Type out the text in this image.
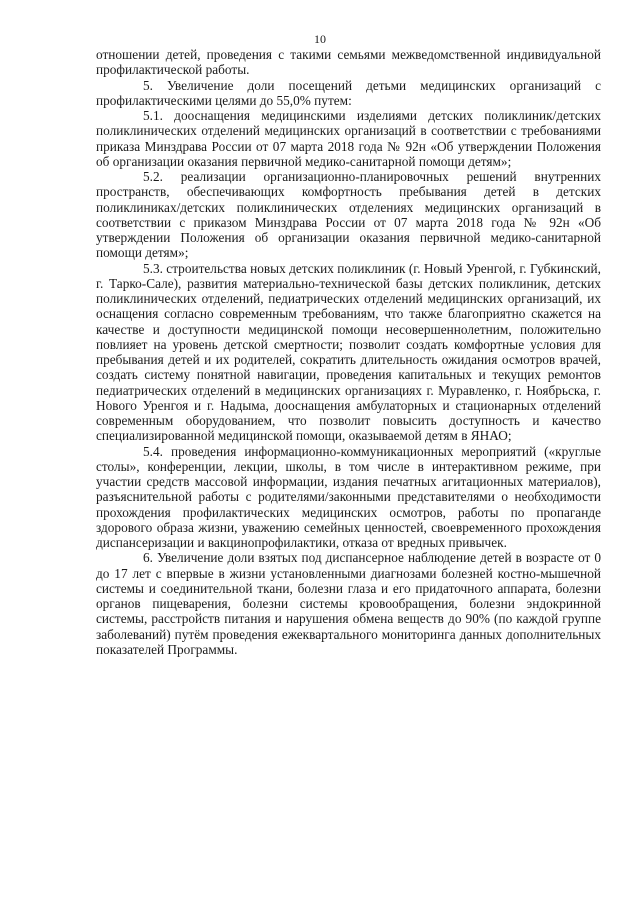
10

отношении детей, проведения с такими семьями межведомственной индивидуальной профилактической работы.

5. Увеличение доли посещений детьми медицинских организаций с профилактическими целями до 55,0% путем:

5.1. дооснащения медицинскими изделиями детских поликлиник/детских поликлинических отделений медицинских организаций в соответствии с требованиями приказа Минздрава России от 07 марта 2018 года № 92н «Об утверждении Положения об организации оказания первичной медико-санитарной помощи детям»;

5.2. реализации организационно-планировочных решений внутренних пространств, обеспечивающих комфортность пребывания детей в детских поликлиниках/детских поликлинических отделениях медицинских организаций в соответствии с приказом Минздрава России от 07 марта 2018 года № 92н «Об утверждении Положения об организации оказания первичной медико-санитарной помощи детям»;

5.3. строительства новых детских поликлиник (г. Новый Уренгой, г. Губкинский, г. Тарко-Сале), развития материально-технической базы детских поликлиник, детских поликлинических отделений, педиатрических отделений медицинских организаций, их оснащения согласно современным требованиям, что также благоприятно скажется на качестве и доступности медицинской помощи несовершеннолетним, положительно повлияет на уровень детской смертности; позволит создать комфортные условия для пребывания детей и их родителей, сократить длительность ожидания осмотров врачей, создать систему понятной навигации, проведения капитальных и текущих ремонтов педиатрических отделений в медицинских организациях г. Муравленко, г. Ноябрьска, г. Нового Уренгоя и г. Надыма, дооснащения амбулаторных и стационарных отделений современным оборудованием, что позволит повысить доступность и качество специализированной медицинской помощи, оказываемой детям в ЯНАО;

5.4. проведения информационно-коммуникационных мероприятий («круглые столы», конференции, лекции, школы, в том числе в интерактивном режиме, при участии средств массовой информации, издания печатных агитационных материалов), разъяснительной работы с родителями/законными представителями о необходимости прохождения профилактических медицинских осмотров, работы по пропаганде здорового образа жизни, уважению семейных ценностей, своевременного прохождения диспансеризации и вакцинопрофилактики, отказа от вредных привычек.

6. Увеличение доли взятых под диспансерное наблюдение детей в возрасте от 0 до 17 лет с впервые в жизни установленными диагнозами болезней костно-мышечной системы и соединительной ткани, болезни глаза и его придаточного аппарата, болезни органов пищеварения, болезни системы кровообращения, болезни эндокринной системы, расстройств питания и нарушения обмена веществ до 90% (по каждой группе заболеваний) путём проведения ежеквартального мониторинга данных дополнительных показателей Программы.
